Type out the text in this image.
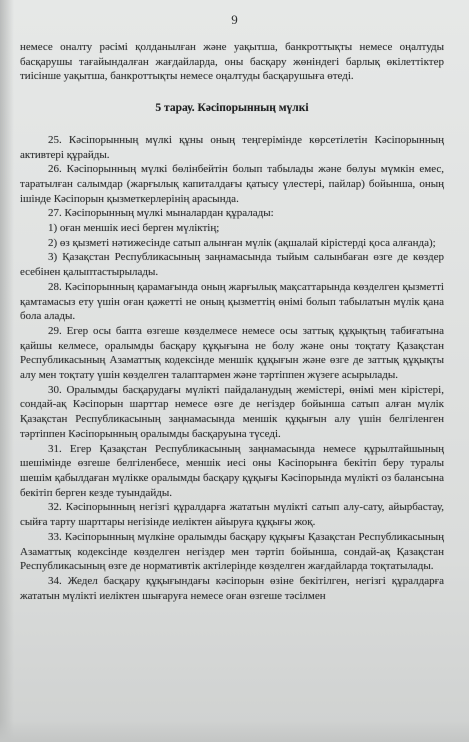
9

немесе оналту рәсімі қолданылған және уақытша, банкроттықты немесе оңалтуды басқарушы тағайындалған жағдайларда, оны басқару жөніндегі барлық өкілеттіктер тиісінше уақытша, банкроттықты немесе оңалтуды басқарушыға өтеді.

5 тарау. Кәсіпорынның мүлкі

25. Кәсіпорынның мүлкі құны оның теңгерімінде көрсетілетін Кәсіпорынның активтері құрайды.

26. Кәсіпорынның мүлкі бөлінбейтін болып табылады және бөлуы мүмкін емес, таратылған салымдар (жарғылық капиталдағы қатысу үлестері, пайлар) бойынша, оның ішінде Кәсіпорын қызметкерлерінің арасында.

27. Кәсіпорынның мүлкі мыналардан құралады:

1) оған меншік иесі берген мүліктің;

2) өз қызметі нәтижесінде сатып алынған мүлік (ақшалай кірістерді қоса алғанда);

3) Қазақстан Республикасының заңнамасында тыйым салынбаған өзге де көздер есебінен қалыптастырылады.

28. Кәсіпорынның қарамағында оның жарғылық мақсаттарында көзделген қызметті қамтамасыз ету үшін оған қажетті не оның қызметтің өнімі болып табылатын мүлік қана бола алады.

29. Егер осы бапта өзгеше көзделмесе немесе осы заттық құқықтың табиғатына қайшы келмесе, оралымды басқару құқығына не болу және оны тоқтату Қазақстан Республикасының Азаматтық кодексінде меншік құқығын және өзге де заттық құқықты алу мен тоқтату үшін көзделген талаптармен және тәртіппен жүзеге асырылады.

30. Оралымды басқарудағы мүлікті пайдаланудың жемістері, өнімі мен кірістері, сондай-ақ Кәсіпорын шарттар немесе өзге де негіздер бойынша сатып алған мүлік Қазақстан Республикасының заңнамасында меншік құқығын алу үшін белгіленген тәртіппен Кәсіпорынның оралымды басқаруына түседі.

31. Егер Қазақстан Республикасының заңнамасында немесе құрылтайшының шешімінде өзгеше белгіленбесе, меншік иесі оны Кәсіпорынға бекітіп беру туралы шешім қабылдаған мүлікке оралымды басқару құқығы Кәсіпорында мүлікті оз балансына бекітіп берген кезде туындайды.

32. Кәсіпорынның негізгі құралдарға жататын мүлікті сатып алу-сату, айырбастау, сыйға тарту шарттары негізінде иеліктен айыруға құқығы жоқ.

33. Кәсіпорынның мүлкіне оралымды басқару құқығы Қазақстан Республикасының Азаматтық кодексінде көзделген негіздер мен тәртіп бойынша, сондай-ақ Қазақстан Республикасының өзге де нормативтік актілерінде көзделген жағдайларда тоқтатылады.

34. Жедел басқару құқығындағы кәсіпорын өзіне бекітілген, негізгі құралдарға жататын мүлікті иеліктен шығаруға немесе оған өзгеше тәсілмен
